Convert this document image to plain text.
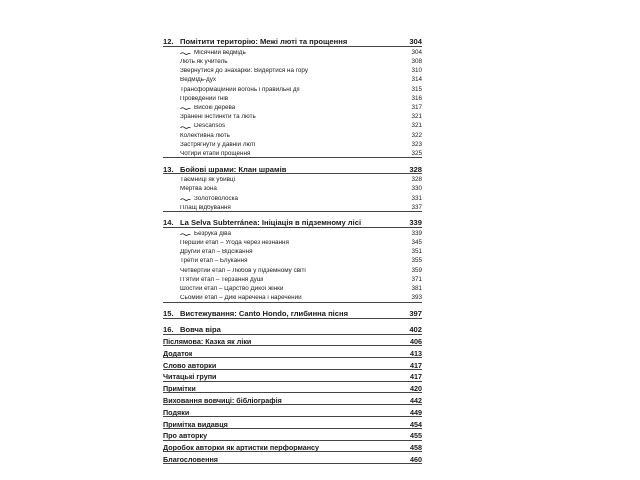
12. Помітити територію: Межі люті та прощення	304
Місячний ведмідь	304
Лють як учитель	308
Звернутися до знахарки: Видертися на гору	310
Ведмідь-дух	314
Трансформаційний вогонь і правильні дії	315
Проведений гнів	316
Високі дерева	317
Зранені інстинкти та лють	321
Descansos	321
Колективна лють	322
Застрягнути у давній люті	323
Чотири етапи прощення	325
13. Бойові шрами: Клан шрамів	328
Таємниці як убивці	328
Мертва зона	330
Золотоволоска	331
Плащ відбування	337
14. La Selva Subterránea: Ініціація в підземному лісі	339
Безрука діва	339
Перший етап – Угода через незнання	345
Другий етап – Відсікання	351
Третій етап – Блукання	355
Четвертий етап – Любов у підземному світі	359
П’ятий етап – Терзання душі	371
Шостий етап – Царство Дикої жінки	381
Сьомий етап – Дикі наречена і наречений	393
15. Вистежування: Canto Hondo, глибинна пісня	397
16. Вовча віра	402
Післямова: Казка як ліки	406
Додаток	413
Слово авторки	417
Читацькі групи	417
Примітки	420
Виховання вовчиці: бібліографія	442
Подяки	449
Примітка видавця	454
Про авторку	455
Доробок авторки як артистки перформансу	458
Благословення	460
